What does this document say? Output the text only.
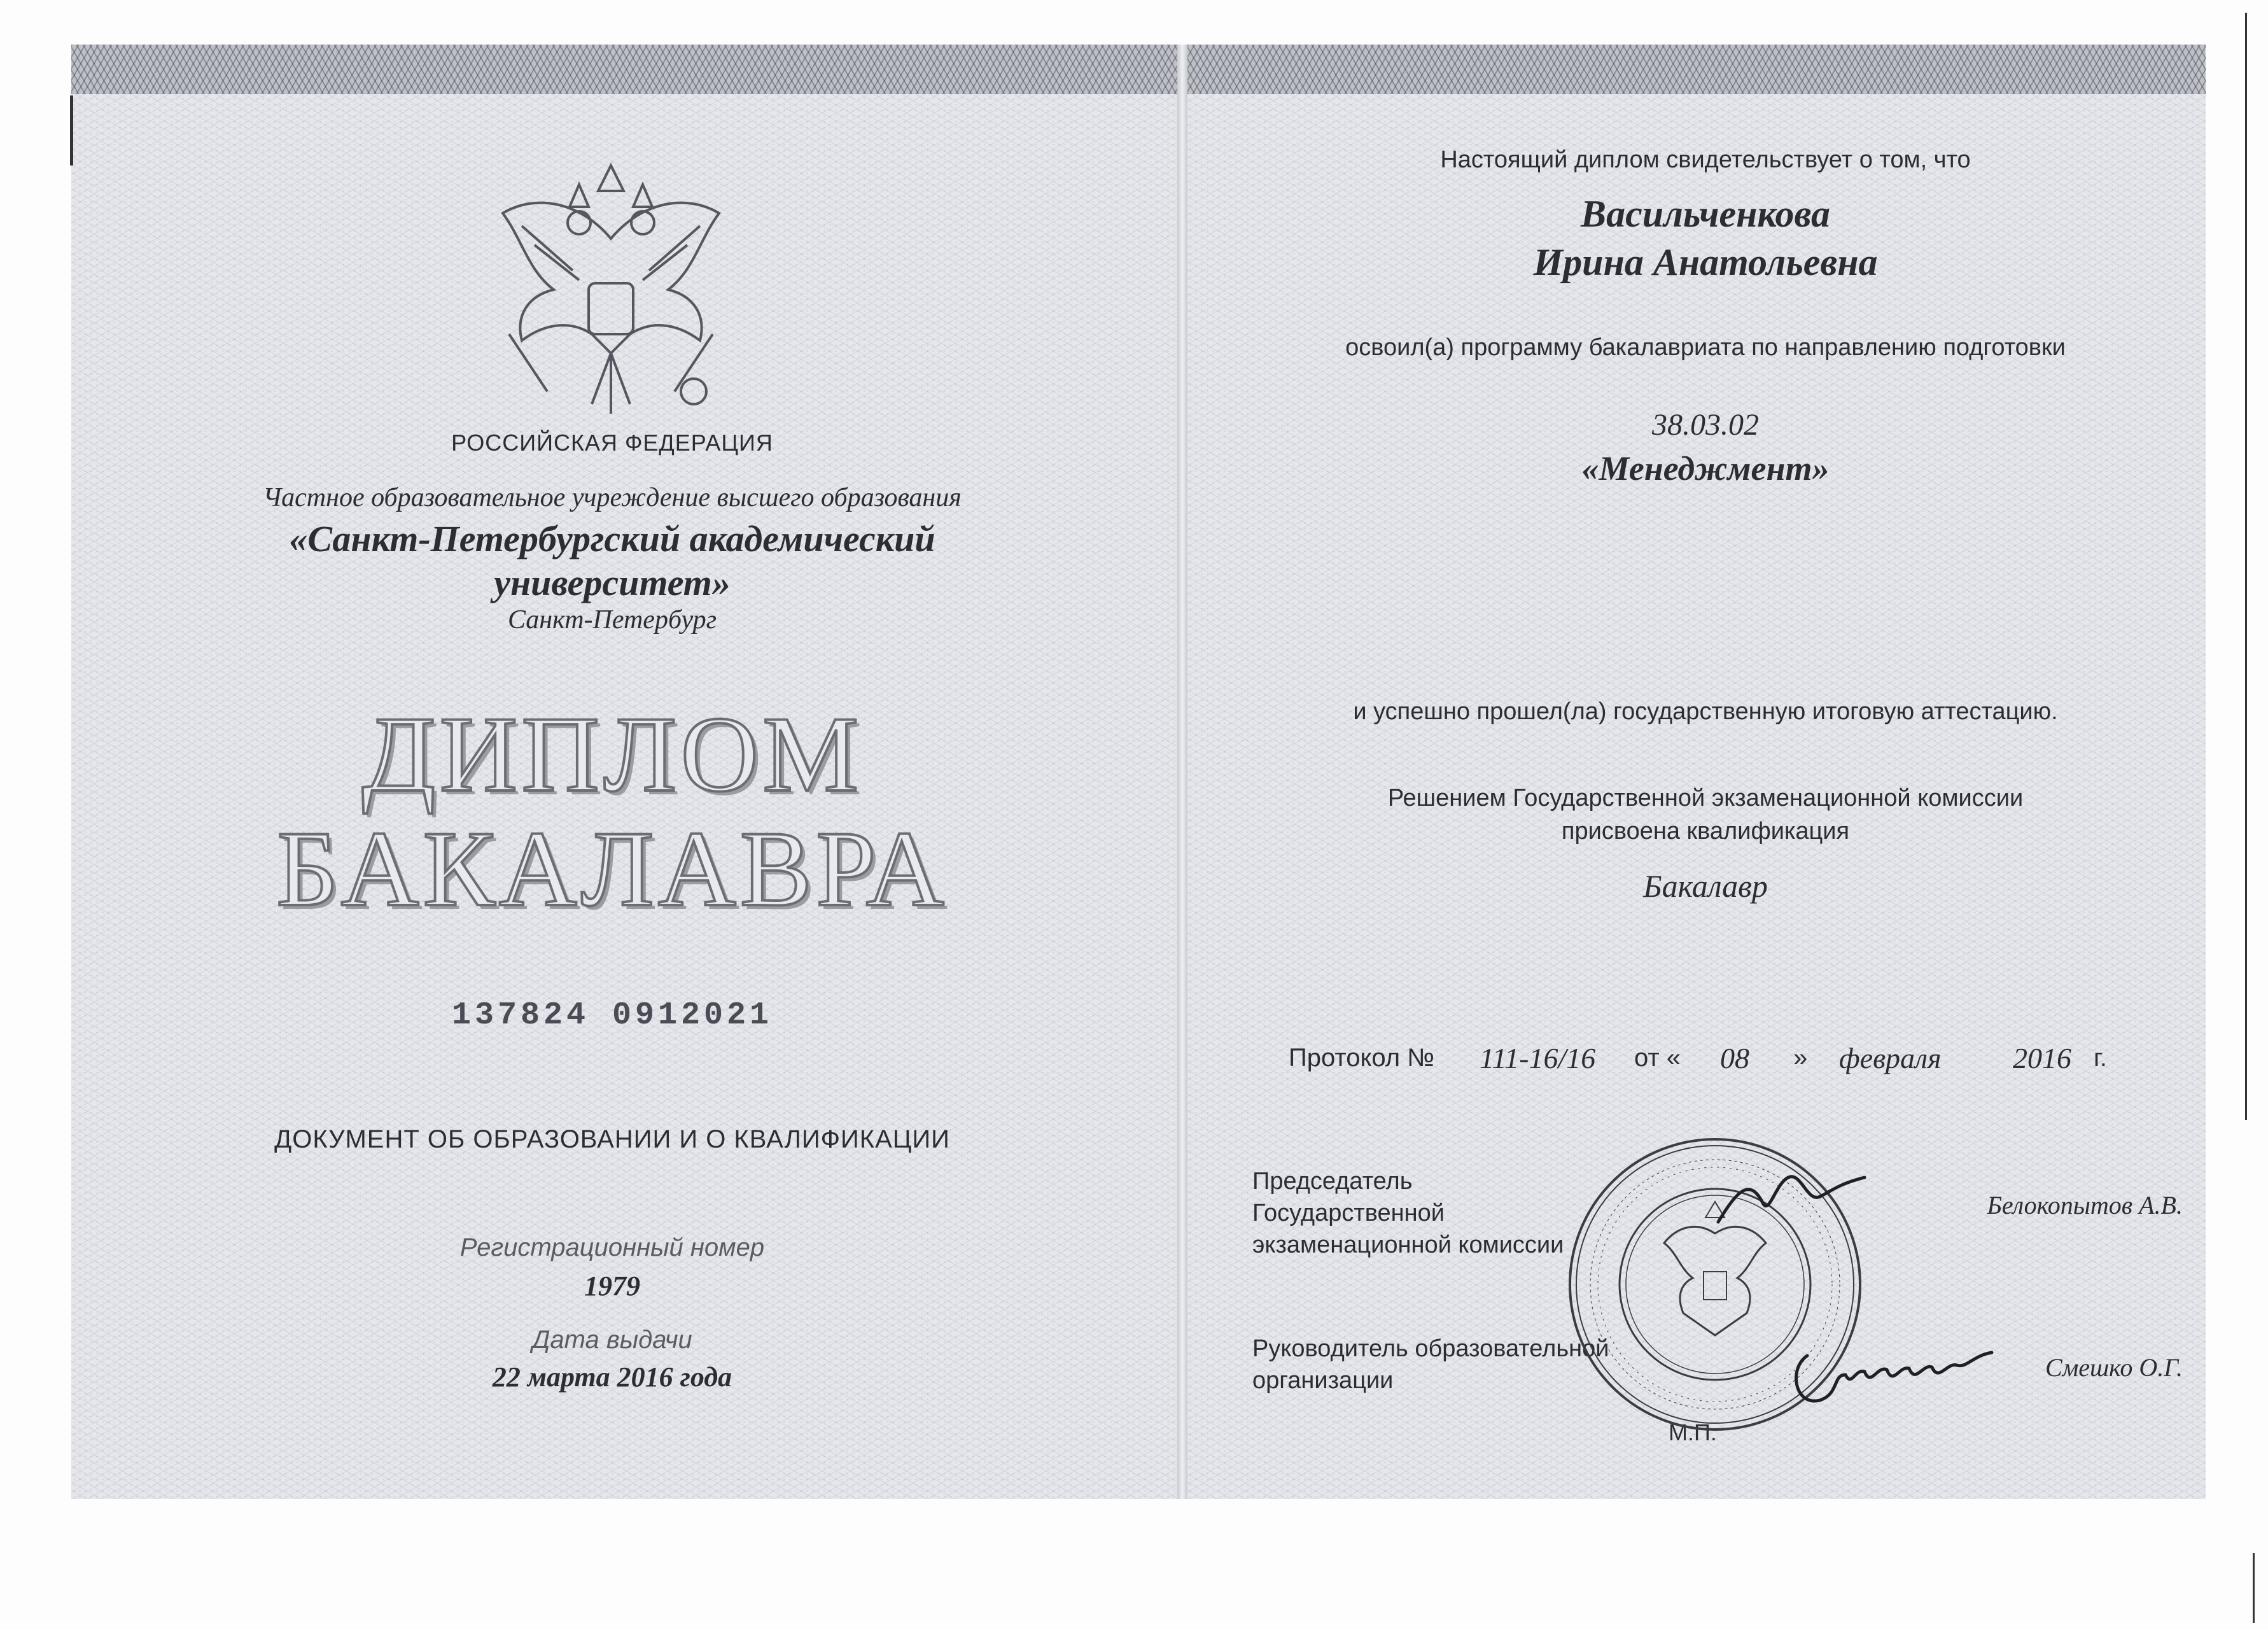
РОССИЙСКАЯ ФЕДЕРАЦИЯ
Частное образовательное учреждение высшего образования
«Санкт-Петербургский академический
университет»
Санкт-Петербург
ДИПЛОМ
БАКАЛАВРА
137824 0912021
ДОКУМЕНТ ОБ ОБРАЗОВАНИИ И О КВАЛИФИКАЦИИ
Регистрационный номер
1979
Дата выдачи
22 марта 2016 года
Настоящий диплом свидетельствует о том, что
Васильченкова
Ирина Анатольевна
освоил(а) программу бакалавриата по направлению подготовки
38.03.02
«Менеджмент»
и успешно прошел(ла) государственную итоговую аттестацию.
Решением Государственной экзаменационной комиссии
присвоена квалификация
Бакалавр
Протокол № 111-16/16 от « 08 » февраля 2016 г.
Председатель
Государственной
экзаменационной комиссии
Белокопытов А.В.
Руководитель образовательной
организации	Смешко О.Г.
М.П.
